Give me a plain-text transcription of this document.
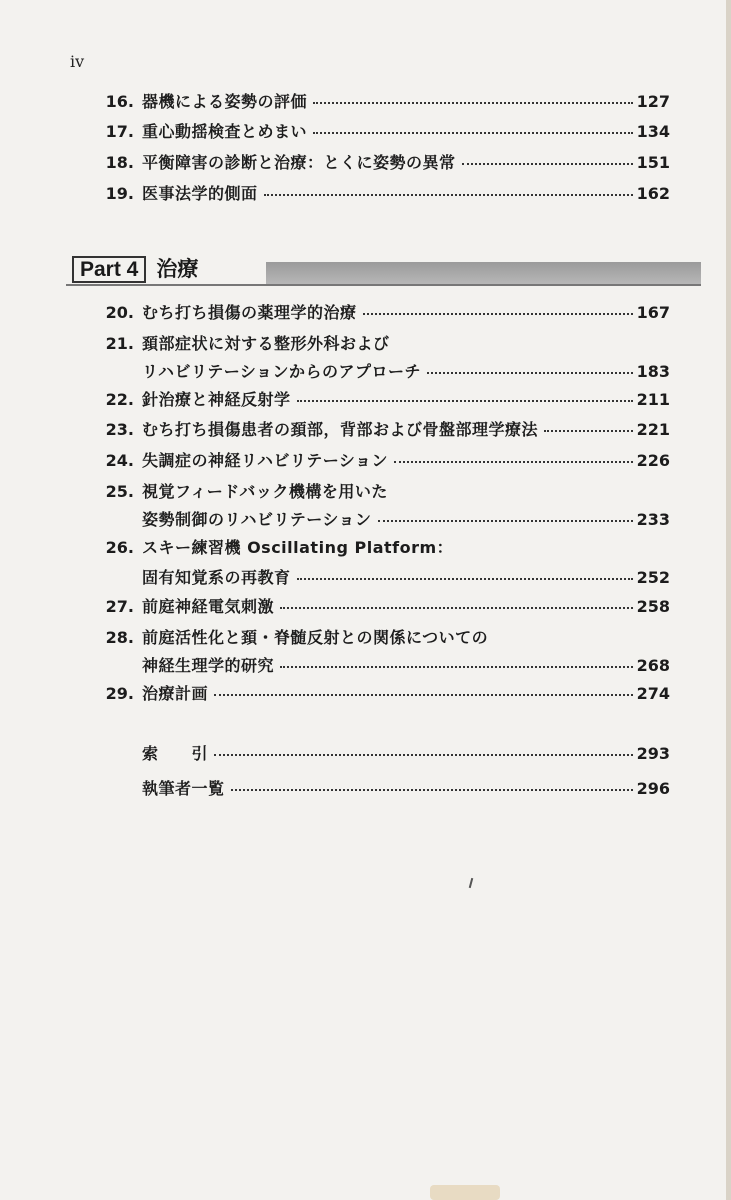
iv
16. 器機による姿勢の評価	127
17. 重心動揺検査とめまい	134
18. 平衡障害の診断と治療：とくに姿勢の異常	151
19. 医事法学的側面	162
Part 4 治療
20. むち打ち損傷の薬理学的治療	167
21. 頚部症状に対する整形外科および
リハビリテーションからのアプローチ	183
22. 針治療と神経反射学	211
23. むち打ち損傷患者の頚部，背部および骨盤部理学療法	221
24. 失調症の神経リハビリテーション	226
25. 視覚フィードバック機構を用いた
姿勢制御のリハビリテーション	233
26. スキー練習機 Oscillating Platform：
固有知覚系の再教育	252
27. 前庭神経電気刺激	258
28. 前庭活性化と頚・脊髄反射との関係についての
神経生理学的研究	268
29. 治療計画	274
索　　引	293
執筆者一覧	296
